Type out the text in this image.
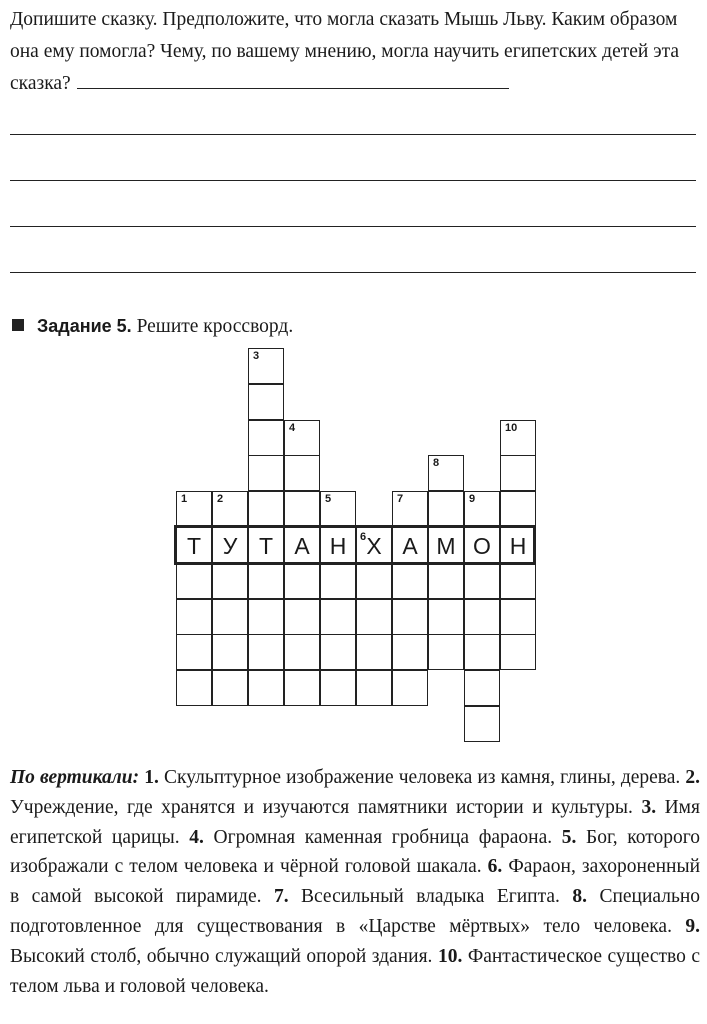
Допишите сказку. Предположите, что могла сказать Мышь Льву. Каким образом она ему помогла? Чему, по вашему мнению, могла научить египетских детей эта сказка?
Задание 5. Решите кроссворд.
1
Т
2
У
3
Т
4
А
5
Н	6 Х
7
А
8
М
9
О
10
Н
По вертикали: 1. Скульптурное изображение человека из камня, глины, дерева. 2. Учреждение, где хранятся и изучаются памятники истории и культуры. 3. Имя египетской царицы. 4. Огромная каменная гробница фараона. 5. Бог, которого изображали с телом человека и чёрной головой шакала. 6. Фараон, захороненный в самой высокой пирамиде. 7. Всесильный владыка Египта. 8. Специально подготовленное для существования в «Царстве мёртвых» тело человека. 9. Высокий столб, обычно служащий опорой здания. 10. Фантастическое существо с телом льва и головой человека.
